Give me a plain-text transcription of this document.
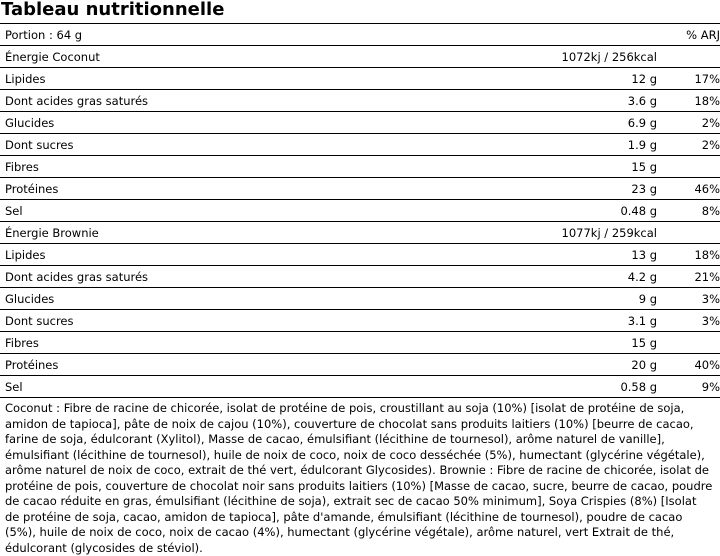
Tableau nutritionnelle
Portion : 64 g		% ARJ
Énergie Coconut	1072kj / 256kcal	
Lipides	12 g	17%
Dont acides gras saturés	3.6 g	18%
Glucides	6.9 g	2%
Dont sucres	1.9 g	2%
Fibres	15 g	
Protéines	23 g	46%
Sel	0.48 g	8%
Énergie Brownie	1077kj / 259kcal	
Lipides	13 g	18%
Dont acides gras saturés	4.2 g	21%
Glucides	9 g	3%
Dont sucres	3.1 g	3%
Fibres	15 g	
Protéines	20 g	40%
Sel	0.58 g	9%

Coconut : Fibre de racine de chicorée, isolat de protéine de pois, croustillant au soja (10%) [isolat de protéine de soja, amidon de tapioca], pâte de noix de cajou (10%), couverture de chocolat sans produits laitiers (10%) [beurre de cacao, farine de soja, édulcorant (Xylitol), Masse de cacao, émulsifiant (lécithine de tournesol), arôme naturel de vanille], émulsifiant (lécithine de tournesol), huile de noix de coco, noix de coco desséchée (5%), humectant (glycérine végétale), arôme naturel de noix de coco, extrait de thé vert, édulcorant Glycosides). Brownie : Fibre de racine de chicorée, isolat de protéine de pois, couverture de chocolat noir sans produits laitiers (10%) [Masse de cacao, sucre, beurre de cacao, poudre de cacao réduite en gras, émulsifiant (lécithine de soja), extrait sec de cacao 50% minimum], Soya Crispies (8%) [Isolat de protéine de soja, cacao, amidon de tapioca], pâte d'amande, émulsifiant (lécithine de tournesol), poudre de cacao (5%), huile de noix de coco, noix de cacao (4%), humectant (glycérine végétale), arôme naturel, vert Extrait de thé, édulcorant (glycosides de stéviol).
